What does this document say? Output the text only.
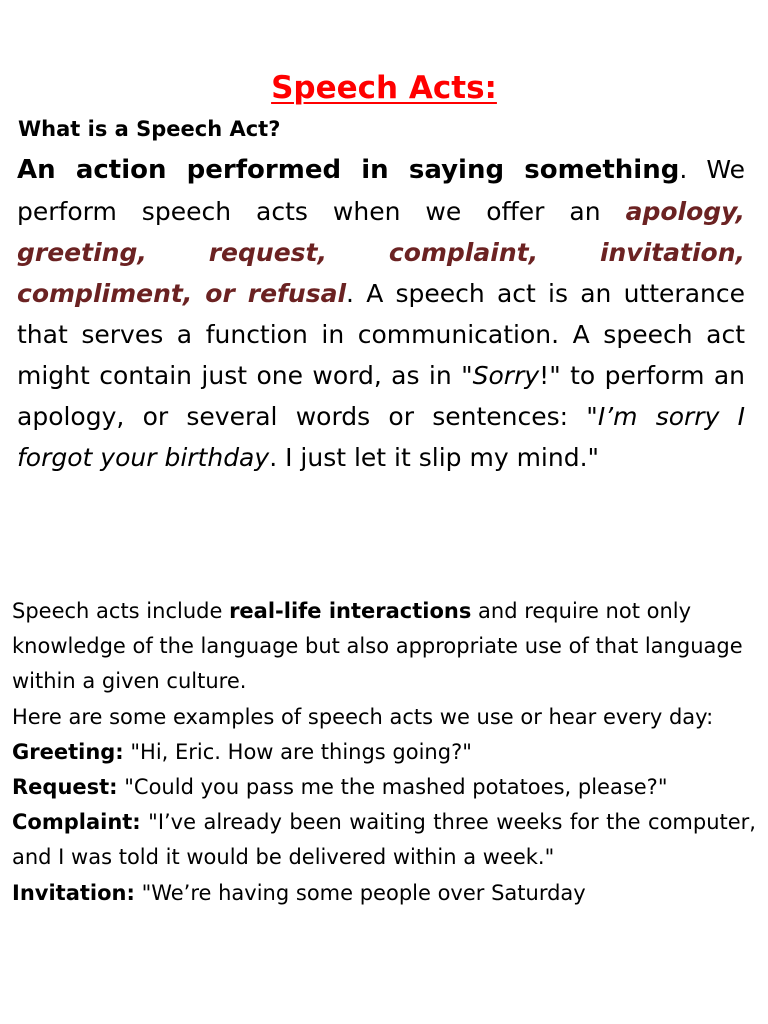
Speech Acts:
What is a Speech Act?
An action performed in saying something. We perform speech acts when we offer an apology, greeting, request, complaint, invitation, compliment, or refusal. A speech act is an utterance that serves a function in communication. A speech act might contain just one word, as in "Sorry!" to perform an apology, or several words or sentences: "I’m sorry I forgot your birthday. I just let it slip my mind."

Speech acts include real-life interactions and require not only knowledge of the language but also appropriate use of that language within a given culture.

Here are some examples of speech acts we use or hear every day:

Greeting: "Hi, Eric. How are things going?"

Request: "Could you pass me the mashed potatoes, please?"

Complaint: "I’ve already been waiting three weeks for the computer, and I was told it would be delivered within a week."

Invitation: "We’re having some people over Saturday
